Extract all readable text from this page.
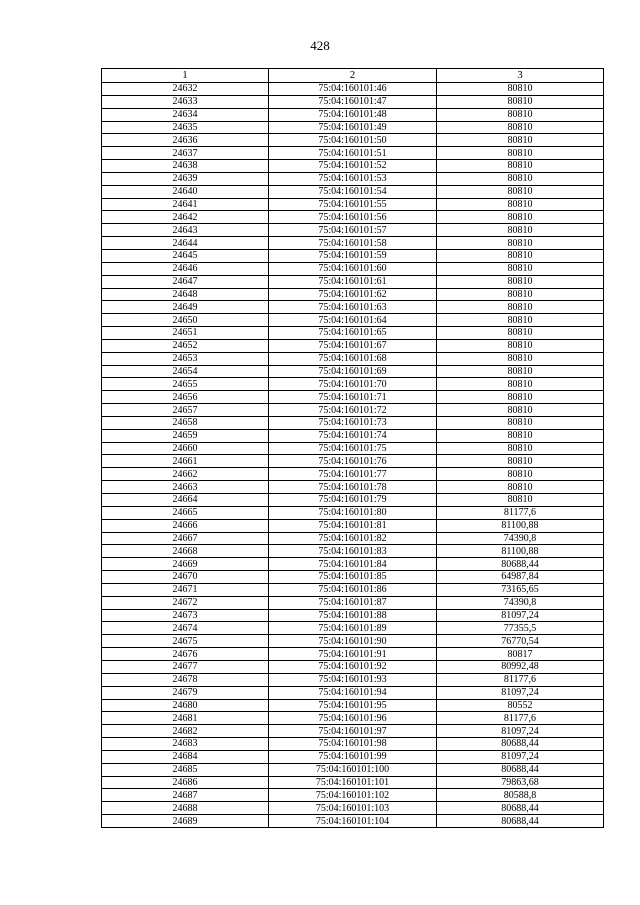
428
1	2	3
24632	75:04:160101:46	80810
24633	75:04:160101:47	80810
24634	75:04:160101:48	80810
24635	75:04:160101:49	80810
24636	75:04:160101:50	80810
24637	75:04:160101:51	80810
24638	75:04:160101:52	80810
24639	75:04:160101:53	80810
24640	75:04:160101:54	80810
24641	75:04:160101:55	80810
24642	75:04:160101:56	80810
24643	75:04:160101:57	80810
24644	75:04:160101:58	80810
24645	75:04:160101:59	80810
24646	75:04:160101:60	80810
24647	75:04:160101:61	80810
24648	75:04:160101:62	80810
24649	75:04:160101:63	80810
24650	75:04:160101:64	80810
24651	75:04:160101:65	80810
24652	75:04:160101:67	80810
24653	75:04:160101:68	80810
24654	75:04:160101:69	80810
24655	75:04:160101:70	80810
24656	75:04:160101:71	80810
24657	75:04:160101:72	80810
24658	75:04:160101:73	80810
24659	75:04:160101:74	80810
24660	75:04:160101:75	80810
24661	75:04:160101:76	80810
24662	75:04:160101:77	80810
24663	75:04:160101:78	80810
24664	75:04:160101:79	80810
24665	75:04:160101:80	81177,6
24666	75:04:160101:81	81100,88
24667	75:04:160101:82	74390,8
24668	75:04:160101:83	81100,88
24669	75:04:160101:84	80688,44
24670	75:04:160101:85	64987,84
24671	75:04:160101:86	73165,65
24672	75:04:160101:87	74390,8
24673	75:04:160101:88	81097,24
24674	75:04:160101:89	77355,5
24675	75:04:160101:90	76770,54
24676	75:04:160101:91	80817
24677	75:04:160101:92	80992,48
24678	75:04:160101:93	81177,6
24679	75:04:160101:94	81097,24
24680	75:04:160101:95	80552
24681	75:04:160101:96	81177,6
24682	75:04:160101:97	81097,24
24683	75:04:160101:98	80688,44
24684	75:04:160101:99	81097,24
24685	75:04:160101:100	80688,44
24686	75:04:160101:101	79863,68
24687	75:04:160101:102	80588,8
24688	75:04:160101:103	80688,44
24689	75:04:160101:104	80688,44
